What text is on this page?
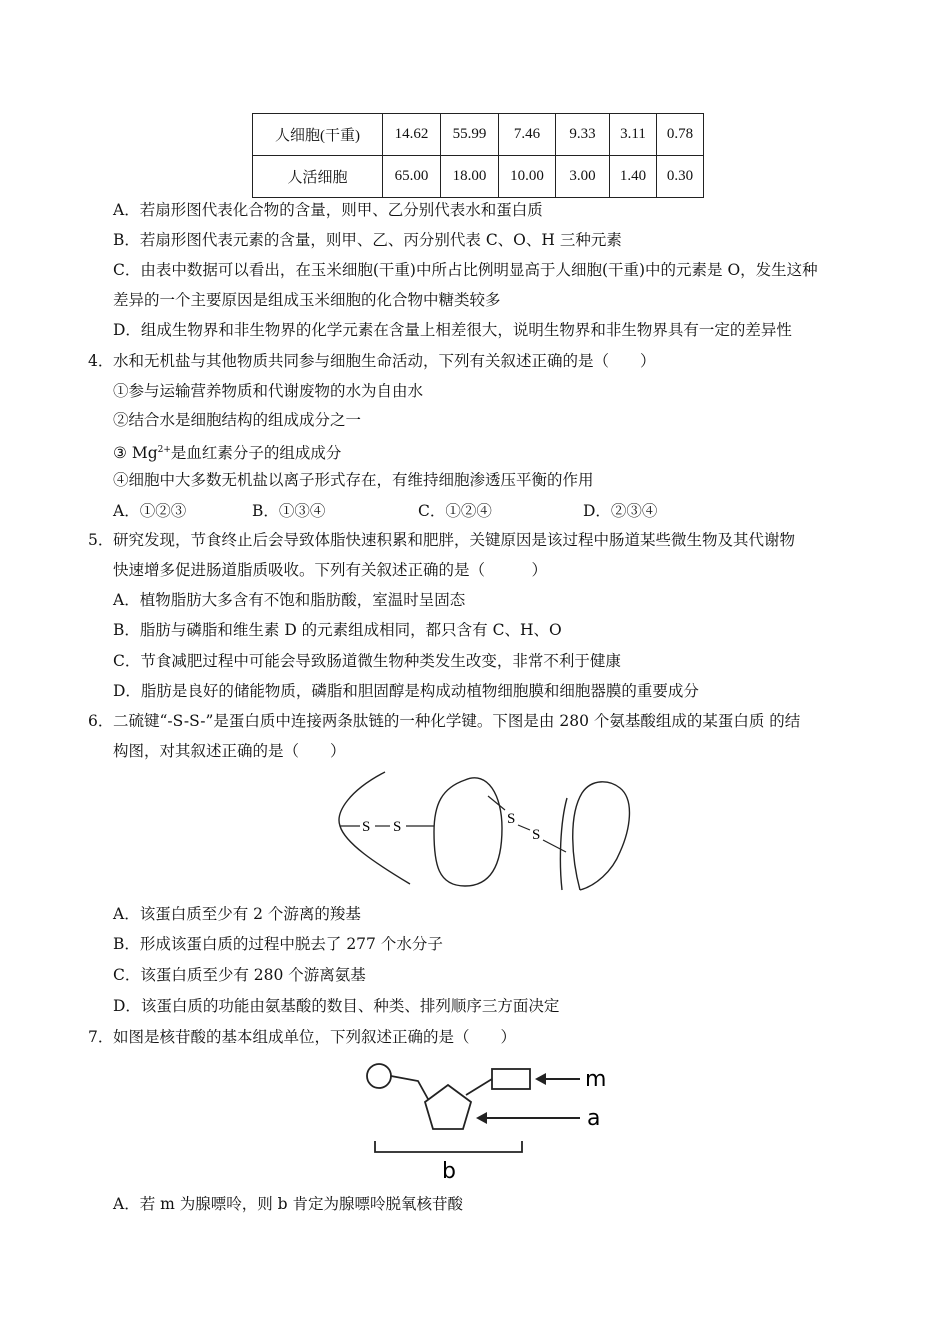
人细胞(干重)	14.62	55.99	7.46	9.33	3.11	0.78
人活细胞	65.00	18.00	10.00	3.00	1.40	0.30
A．若扇形图代表化合物的含量，则甲、乙分别代表水和蛋白质
B．若扇形图代表元素的含量，则甲、乙、丙分别代表 C、O、H 三种元素
C．由表中数据可以看出，在玉米细胞(干重)中所占比例明显高于人细胞(干重)中的元素是 O，发生这种
差异的一个主要原因是组成玉米细胞的化合物中糖类较多
D．组成生物界和非生物界的化学元素在含量上相差很大，说明生物界和非生物界具有一定的差异性
4． 水和无机盐与其他物质共同参与细胞生命活动，下列有关叙述正确的是（　　）
①参与运输营养物质和代谢废物的水为自由水
②结合水是细胞结构的组成成分之一
③ $Mg^{2+}$是血红素分子的组成成分
④细胞中大多数无机盐以离子形式存在，有维持细胞渗透压平衡的作用
A．①②③	B．①③④	C．①②④	D．②③④
5． 研究发现，节食终止后会导致体脂快速积累和肥胖，关键原因是该过程中肠道某些微生物及其代谢物
快速增多促进肠道脂质吸收。下列有关叙述正确的是（　　　）
A．植物脂肪大多含有不饱和脂肪酸，室温时呈固态
B．脂肪与磷脂和维生素 D 的元素组成相同，都只含有 C、H、O
C．节食减肥过程中可能会导致肠道微生物种类发生改变，非常不利于健康
D．脂肪是良好的储能物质，磷脂和胆固醇是构成动植物细胞膜和细胞器膜的重要成分
6． 二硫键“-S-S-”是蛋白质中连接两条肽链的一种化学键。下图是由 280 个氨基酸组成的某蛋白质 的结
构图，对其叙述正确的是（　　）
S S	S
S
A．该蛋白质至少有 2 个游离的羧基
B．形成该蛋白质的过程中脱去了 277 个水分子
C．该蛋白质至少有 280 个游离氨基
D．该蛋白质的功能由氨基酸的数目、种类、排列顺序三方面决定
7． 如图是核苷酸的基本组成单位，下列叙述正确的是（　　）
m
a
b
A．若 m 为腺嘌呤，则 b 肯定为腺嘌呤脱氧核苷酸
